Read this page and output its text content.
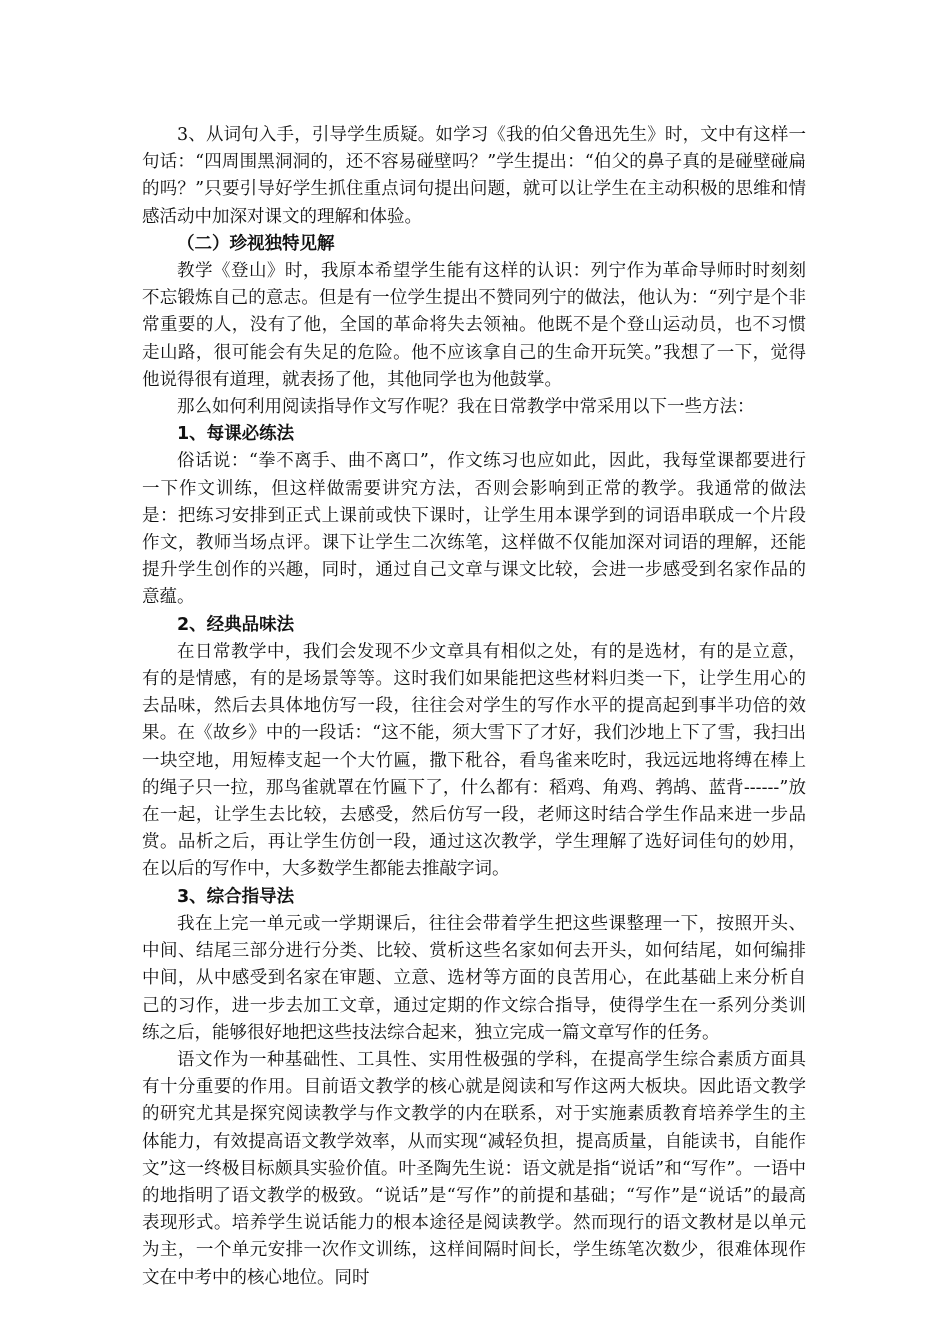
3、从词句入手，引导学生质疑。如学习《我的伯父鲁迅先生》时，文中有这样一句话：“四周围黑洞洞的，还不容易碰壁吗？”学生提出：“伯父的鼻子真的是碰壁碰扁的吗？”只要引导好学生抓住重点词句提出问题，就可以让学生在主动积极的思维和情感活动中加深对课文的理解和体验。

（二）珍视独特见解

教学《登山》时，我原本希望学生能有这样的认识：列宁作为革命导师时时刻刻不忘锻炼自己的意志。但是有一位学生提出不赞同列宁的做法，他认为：“列宁是个非常重要的人，没有了他，全国的革命将失去领袖。他既不是个登山运动员，也不习惯走山路，很可能会有失足的危险。他不应该拿自己的生命开玩笑。”我想了一下，觉得他说得很有道理，就表扬了他，其他同学也为他鼓掌。

那么如何利用阅读指导作文写作呢？我在日常教学中常采用以下一些方法：

1、每课必练法

俗话说：“拳不离手、曲不离口”，作文练习也应如此，因此，我每堂课都要进行一下作文训练，但这样做需要讲究方法，否则会影响到正常的教学。我通常的做法是：把练习安排到正式上课前或快下课时，让学生用本课学到的词语串联成一个片段作文，教师当场点评。课下让学生二次练笔，这样做不仅能加深对词语的理解，还能提升学生创作的兴趣，同时，通过自己文章与课文比较，会进一步感受到名家作品的意蕴。

2、经典品味法

在日常教学中，我们会发现不少文章具有相似之处，有的是选材，有的是立意，有的是情感，有的是场景等等。这时我们如果能把这些材料归类一下，让学生用心的去品味，然后去具体地仿写一段，往往会对学生的写作水平的提高起到事半功倍的效果。在《故乡》中的一段话：“这不能，须大雪下了才好，我们沙地上下了雪，我扫出一块空地，用短棒支起一个大竹匾，撒下秕谷，看鸟雀来吃时，我远远地将缚在棒上的绳子只一拉，那鸟雀就罩在竹匾下了，什么都有：稻鸡、角鸡、鹁鸪、蓝背------”放在一起，让学生去比较，去感受，然后仿写一段，老师这时结合学生作品来进一步品赏。品析之后，再让学生仿创一段，通过这次教学，学生理解了选好词佳句的妙用，在以后的写作中，大多数学生都能去推敲字词。

3、综合指导法

我在上完一单元或一学期课后，往往会带着学生把这些课整理一下，按照开头、中间、结尾三部分进行分类、比较、赏析这些名家如何去开头，如何结尾，如何编排中间，从中感受到名家在审题、立意、选材等方面的良苦用心，在此基础上来分析自己的习作，进一步去加工文章，通过定期的作文综合指导，使得学生在一系列分类训练之后，能够很好地把这些技法综合起来，独立完成一篇文章写作的任务。

语文作为一种基础性、工具性、实用性极强的学科，在提高学生综合素质方面具有十分重要的作用。目前语文教学的核心就是阅读和写作这两大板块。因此语文教学的研究尤其是探究阅读教学与作文教学的内在联系，对于实施素质教育培养学生的主体能力，有效提高语文教学效率，从而实现“减轻负担，提高质量，自能读书，自能作文”这一终极目标颇具实验价值。叶圣陶先生说：语文就是指“说话”和“写作”。一语中的地指明了语文教学的极致。“说话”是“写作”的前提和基础；“写作”是“说话”的最高表现形式。培养学生说话能力的根本途径是阅读教学。然而现行的语文教材是以单元为主，一个单元安排一次作文训练，这样间隔时间长，学生练笔次数少，很难体现作文在中考中的核心地位。同时
